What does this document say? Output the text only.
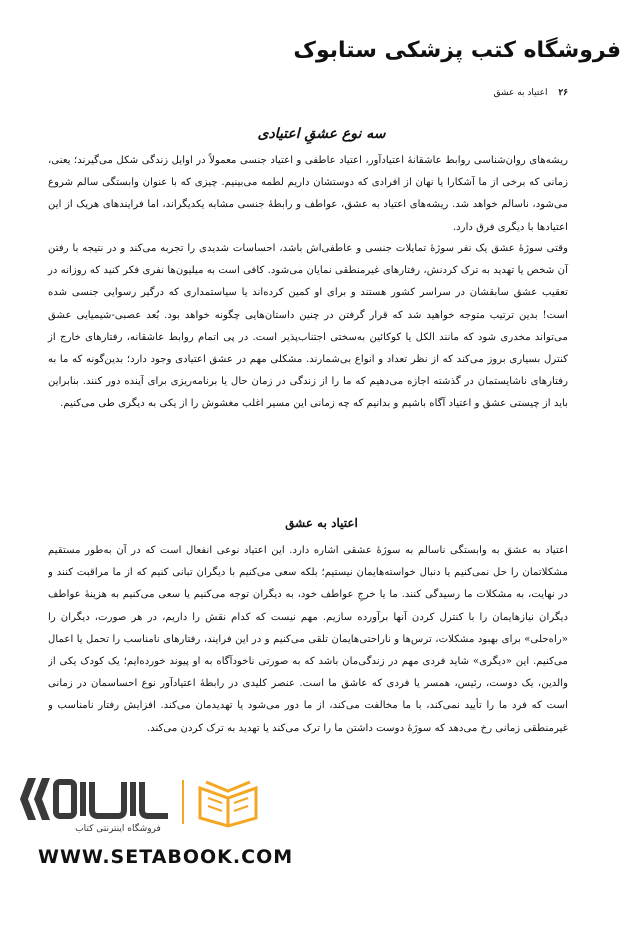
فروشگاه کتب پزشکی ستابوک
۲۶ اعتیاد به عشق
سه نوع عشقِ اعتیادی

ریشه‌های روان‌شناسی روابط عاشقانهٔ اعتیادآور، اعتیاد عاطفی و اعتیاد جنسی معمولاً در اوایل زندگی شکل می‌گیرند؛ یعنی، زمانی که برخی از ما آشکارا یا نهان از افرادی که دوستشان داریم لطمه می‌بینیم. چیزی که با عنوان وابستگی سالم شروع می‌شود، ناسالم خواهد شد. ریشه‌های اعتیاد به عشق، عواطف و رابطهٔ جنسی مشابه یکدیگراند، اما فرایندهای هریک از این اعتیادها با دیگری فرق دارد.

وقتی سوژهٔ عشق یک نفر سوژهٔ تمایلات جنسی و عاطفی‌اش باشد، احساسات شدیدی را تجربه می‌کند و در نتیجه با رفتن آن شخص یا تهدید به ترک کردنش، رفتارهای غیرمنطقی نمایان می‌شود. کافی است به میلیون‌ها نفری فکر کنید که روزانه در تعقیب عشق سابقشان در سراسر کشور هستند و برای او کمین کرده‌اند یا سیاستمداری که درگیر رسوایی جنسی شده است! بدین ترتیب متوجه خواهید شد که قرار گرفتن در چنین داستان‌هایی چگونه خواهد بود. بُعد عصبی-شیمیایی عشق می‌تواند مخدری شود که مانند الکل یا کوکائین به‌سختی اجتناب‌پذیر است. در پی اتمام روابط عاشقانه، رفتارهای خارج از کنترل بسیاری بروز می‌کند که از نظر تعداد و انواع بی‌شمارند. مشکلی مهم در عشق اعتیادی وجود دارد؛ بدین‌گونه که ما به رفتارهای ناشایستمان در گذشته اجازه می‌دهیم که ما را از زندگی در زمان حال یا برنامه‌ریزی برای آینده دور کنند. بنابراین باید از چیستی عشق و اعتیاد آگاه باشیم و بدانیم که چه زمانی این مسیر اغلب مغشوش را از یکی به دیگری طی می‌کنیم.

اعتیاد به عشق

اعتیاد به عشق به وابستگی ناسالم به سوژهٔ عشقی اشاره دارد. این اعتیاد نوعی انفعال است که در آن به‌طور مستقیم مشکلاتمان را حل نمی‌کنیم یا دنبال خواسته‌هایمان نیستیم؛ بلکه سعی می‌کنیم با دیگران تبانی کنیم که از ما مراقبت کنند و در نهایت، به مشکلات ما رسیدگی کنند. ما یا خرجِ عواطف خود، به دیگران توجه می‌کنیم یا سعی می‌کنیم به هزینهٔ عواطف دیگران نیازهایمان را با کنترل کردن آنها برآورده سازیم. مهم نیست که کدام نقش را داریم، در هر صورت، دیگران را «راه‌حلی» برای بهبود مشکلات، ترس‌ها و ناراحتی‌هایمان تلقی می‌کنیم و در این فرایند، رفتارهای نامناسب را تحمل یا اعمال می‌کنیم. این «دیگری» شاید فردی مهم در زندگی‌مان باشد که به صورتی ناخودآگاه به او پیوند خورده‌ایم؛ یک کودک یکی از والدین، یک دوست، رئیس، همسر یا فردی که عاشق ما است. عنصر کلیدی در رابطهٔ اعتیادآور نوع احساسمان در زمانی است که فرد ما را تأیید نمی‌کند، با ما مخالفت می‌کند، از ما دور می‌شود یا تهدیدمان می‌کند. افزایش رفتار نامناسب و غیرمنطقی زمانی رخ می‌دهد که سوژهٔ دوست داشتن ما را ترک می‌کند یا تهدید به ترک کردن می‌کند.

فروشگاه اینترنتی کتاب
WWW.SETABOOK.COM
